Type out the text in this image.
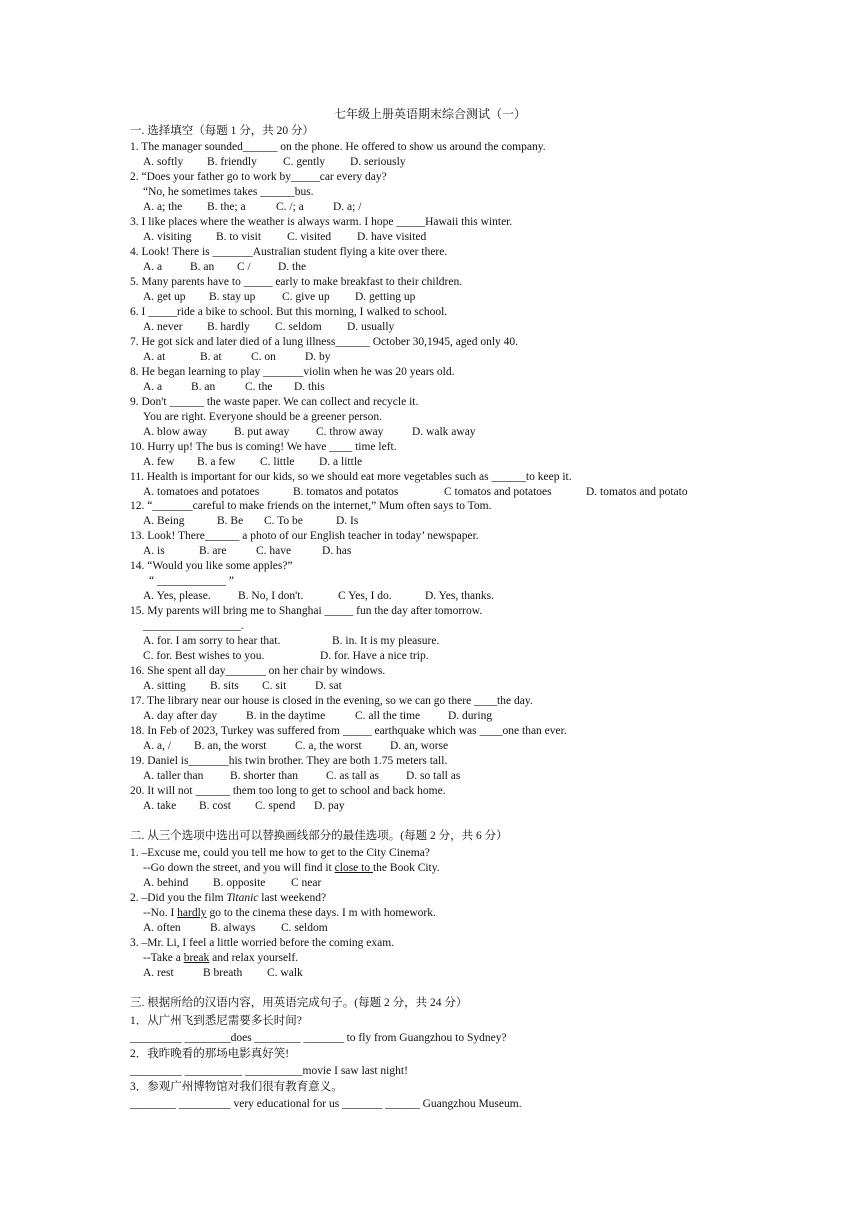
七年级上册英语期末综合测试（一）
一. 选择填空（每题 1 分，共 20 分）
1. The manager sounded______ on the phone. He offered to show us around the company.
A. softly B. friendly C. gently D. seriously
2. “Does your father go to work by_____car every day?
“No, he sometimes takes ______bus.
A. a; the B. the; a	C. /; a	D. a; /
3. I like places where the weather is always warm. I hope _____Hawaii this winter.
A. visiting B. to visit C. visited D. have visited
4. Look! There is _______Australian student flying a kite over there.
A. a B. an C / D. the
5. Many parents have to _____ early to make breakfast to their children.
A. get up B. stay up C. give up D. getting up
6. I _____ride a bike to school. But this morning, I walked to school.
A. never B. hardly C. seldom D. usually
7. He got sick and later died of a lung illness______ October 30,1945, aged only 40.
A. at	B. at	C. on	D. by
8. He began learning to play _______violin when he was 20 years old.
A. a	B. an	C. the D. this
9. Don't ______ the waste paper. We can collect and recycle it.
You are right. Everyone should be a greener person.
A. blow away B. put away C. throw away D. walk away
10. Hurry up! The bus is coming! We have ____ time left.
A. few B. a few C. little D. a little
11. Health is important for our kids, so we should eat more vegetables such as ______to keep it.
A. tomatoes and potatoes	B. tomatos and potatos	C tomatos and potatoes	D. tomatos and potato
12. “_______careful to make friends on the internet,” Mum often says to Tom.
A. Being	B. Be C. To be	D. Is
13. Look! There______ a photo of our English teacher in today’ newspaper.
A. is	B. are	C. have	D. has
14. “Would you like some apples?”
“ ____________ ”
A. Yes, please. B. No, I don't.	C Yes, I do.	D. Yes, thanks.
15. My parents will bring me to Shanghai _____ fun the day after tomorrow.
_________________.
A. for. I am sorry to hear that.	B. in. It is my pleasure.
C. for. Best wishes to you.	D. for. Have a nice trip.
16. She spent all day_______ on her chair by windows.
A. sitting B. sits C. sit D. sat
17. The library near our house is closed in the evening, so we can go there ____the day.
A. day after day	B. in the daytime	C. all the time D. during
18. In Feb of 2023, Turkey was suffered from _____ earthquake which was ____one than ever.
A. a, / B. an, the worst C. a, the worst D. an, worse
19. Daniel is_______his twin brother. They are both 1.75 meters tall.
A. taller than B. shorter than C. as tall as D. so tall as
20. It will not ______ them too long to get to school and back home.
A. take B. cost C. spend D. pay
二. 从三个选项中选出可以替换画线部分的最佳选项。(每题 2 分，共 6 分）
1. –Excuse me, could you tell me how to get to the City Cinema?
--Go down the street, and you will find it close to the Book City.
A. behind B. opposite C near
2. –Did you the film Titanic last weekend?
--No. I hardly go to the cinema these days. I m with homework.
A. often	B. always C. seldom
3. –Mr. Li, I feel a little worried before the coming exam.
--Take a break and relax yourself.
A. rest	B breath C. walk
三. 根据所给的汉语内容，用英语完成句子。(每题 2 分，共 24 分）
1．从广州飞到悉尼需要多长时间?
_________ ________does ________ _______ to fly from Guangzhou to Sydney?
2．我昨晚看的那场电影真好笑!
_________ __________ __________movie I saw last night!
3．参观广州博物馆对我们很有教育意义。
________ _________ very educational for us _______ ______ Guangzhou Museum.
